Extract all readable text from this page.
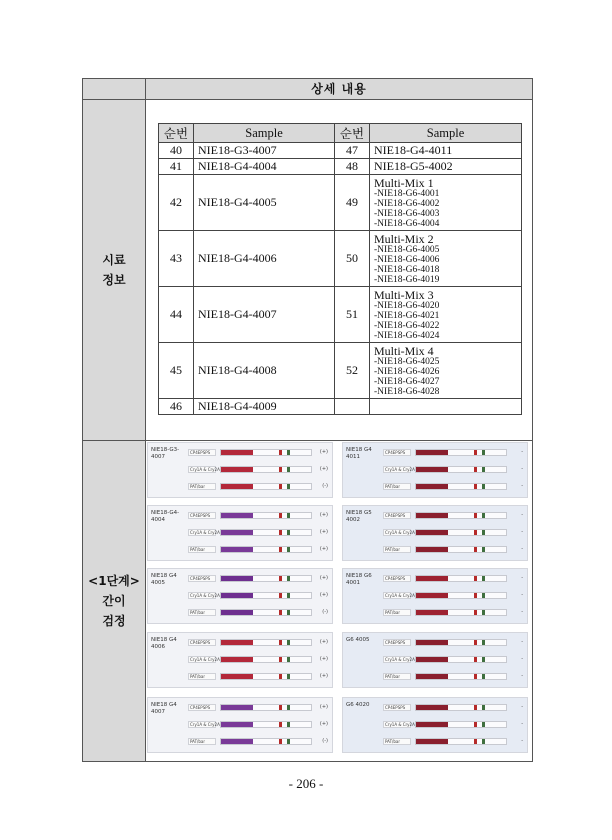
상세 내용
시료
정보
<1단계>
간이
검정
순번	Sample	순번	Sample
40	NIE18-G3-4007	47	NIE18-G4-4011
41	NIE18-G4-4004	48	NIE18-G5-4002
42	NIE18-G4-4005	49	Multi-Mix 1
-NIE18-G6-4001
-NIE18-G6-4002
-NIE18-G6-4003
-NIE18-G6-4004

43	NIE18-G4-4006	50	Multi-Mix 2
-NIE18-G6-4005
-NIE18-G6-4006
-NIE18-G6-4018
-NIE18-G6-4019

44	NIE18-G4-4007	51	Multi-Mix 3
-NIE18-G6-4020
-NIE18-G6-4021
-NIE18-G6-4022
-NIE18-G6-4024

45	NIE18-G4-4008	52	Multi-Mix 4
-NIE18-G6-4025
-NIE18-G6-4026
-NIE18-G6-4027
-NIE18-G6-4028

46	NIE18-G4-4009		
NIE18-G3-4007
CP4EPSPS	(+)
Cry1A & Cry2A	(+)
PAT/bar	(-)
NIE18 G4 4011
CP4EPSPS	-
Cry1A & Cry2A	-
PAT/bar	-
NIE18-G4-4004
CP4EPSPS	(+)
Cry1A & Cry2A	(+)
PAT/bar	(+)
NIE18 G5 4002
CP4EPSPS	-
Cry1A & Cry2A	-
PAT/bar	-
NIE18 G4 4005
CP4EPSPS	(+)
Cry1A & Cry2A	(+)
PAT/bar	(-)
NIE18 G6 4001
CP4EPSPS	-
Cry1A & Cry2A	-
PAT/bar	-
NIE18 G4 4006
CP4EPSPS	(+)
Cry1A & Cry2A	(+)
PAT/bar	(+)
G6 4005	CP4EPSPS	-
Cry1A & Cry2A	-
PAT/bar	-
NIE18 G4 4007
CP4EPSPS	(+)
Cry1A & Cry2A	(+)
PAT/bar	(-)
G6 4020	CP4EPSPS	-
Cry1A & Cry2A	-
PAT/bar	-
- 206 -
